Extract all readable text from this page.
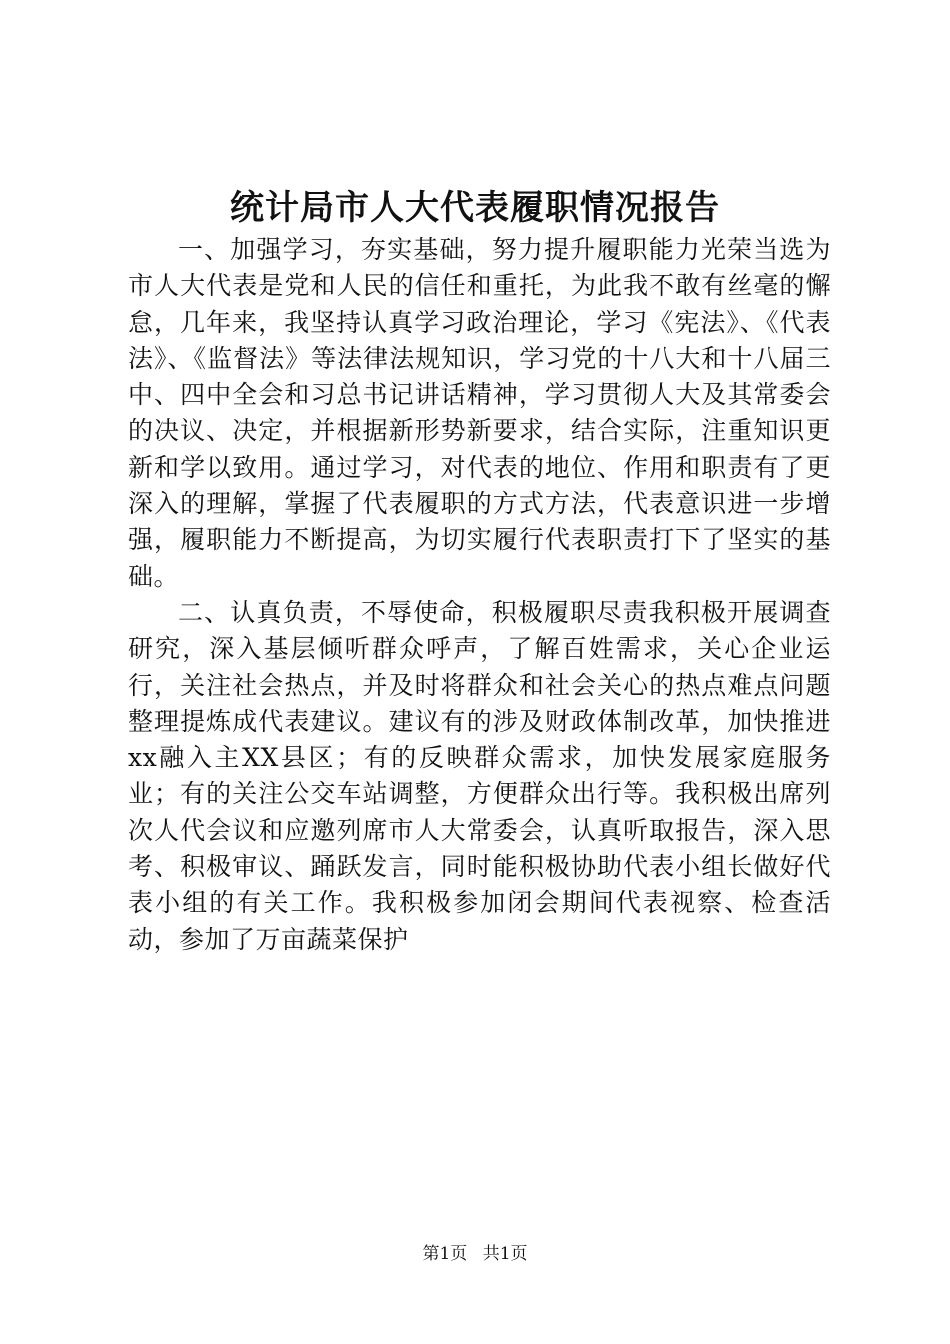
统计局市人大代表履职情况报告

一、加强学习，夯实基础，努力提升履职能力光荣当选为市人大代表是党和人民的信任和重托，为此我不敢有丝毫的懈怠，几年来，我坚持认真学习政治理论，学习《宪法》、《代表法》、《监督法》等法律法规知识，学习党的十八大和十八届三中、四中全会和习总书记讲话精神，学习贯彻人大及其常委会的决议、决定，并根据新形势新要求，结合实际，注重知识更新和学以致用。通过学习，对代表的地位、作用和职责有了更深入的理解，掌握了代表履职的方式方法，代表意识进一步增强，履职能力不断提高，为切实履行代表职责打下了坚实的基础。

二、认真负责，不辱使命，积极履职尽责我积极开展调查研究，深入基层倾听群众呼声，了解百姓需求，关心企业运行，关注社会热点，并及时将群众和社会关心的热点难点问题整理提炼成代表建议。建议有的涉及财政体制改革，加快推进xx融入主XX县区；有的反映群众需求，加快发展家庭服务业；有的关注公交车站调整，方便群众出行等。我积极出席列次人代会议和应邀列席市人大常委会，认真听取报告，深入思考、积极审议、踊跃发言，同时能积极协助代表小组长做好代表小组的有关工作。我积极参加闭会期间代表视察、检查活动，参加了万亩蔬菜保护

第1页 共1页
